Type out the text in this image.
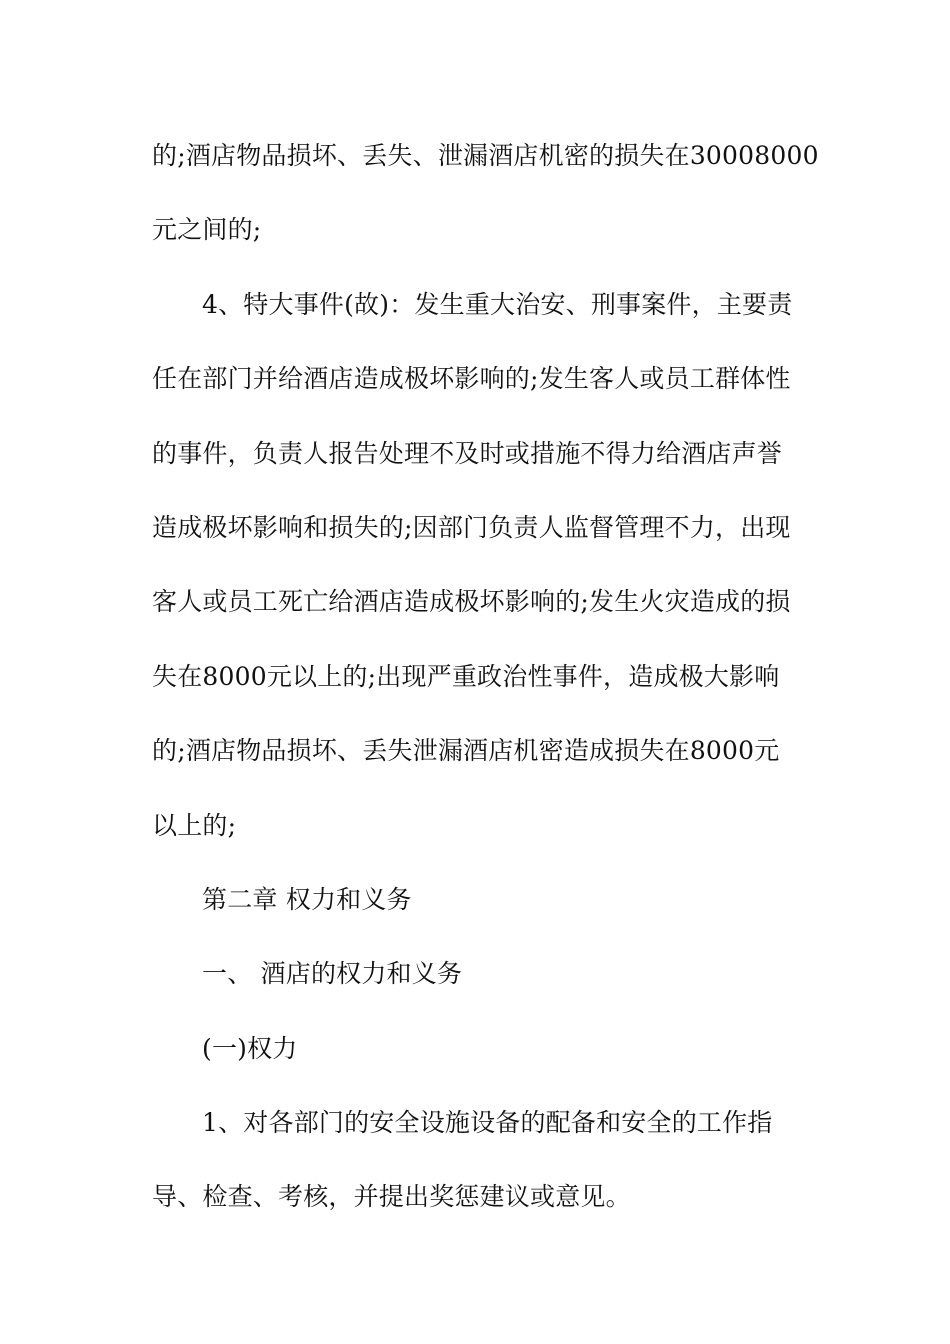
的;酒店物品损坏、丢失、泄漏酒店机密的损失在30008000
元之间的;
4、特大事件(故)：发生重大治安、刑事案件，主要责
任在部门并给酒店造成极坏影响的;发生客人或员工群体性
的事件，负责人报告处理不及时或措施不得力给酒店声誉
造成极坏影响和损失的;因部门负责人监督管理不力，出现
客人或员工死亡给酒店造成极坏影响的;发生火灾造成的损
失在8000元以上的;出现严重政治性事件，造成极大影响
的;酒店物品损坏、丢失泄漏酒店机密造成损失在8000元
以上的;
第二章 权力和义务
一、 酒店的权力和义务
(一)权力
1、对各部门的安全设施设备的配备和安全的工作指
导、检查、考核，并提出奖惩建议或意见。
